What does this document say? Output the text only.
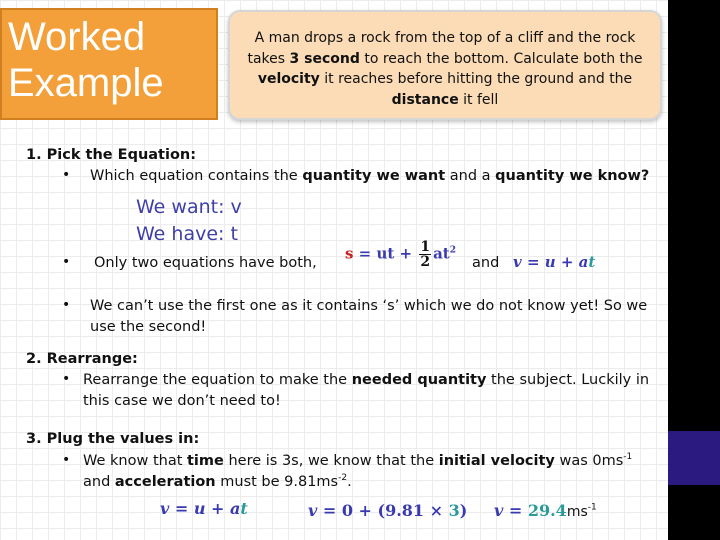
Worked
Example
A man drops a rock from the top of a cliff and the rock takes 3 second to reach the bottom. Calculate both the velocity it reaches before hitting the ground and the distance it fell
1. Pick the Equation:
• Which equation contains the quantity we want and a quantity we know?
We want: v
We have: t
• Only two equations have both,
s = ut + $\frac{1}{2} at^2$
and v = u + at
• We can’t use the first one as it contains ‘s’ which we do not know yet! So we use the second!
2. Rearrange:
• Rearrange the equation to make the needed quantity the subject. Luckily in this case we don’t need to!
3. Plug the values in:
• We know that time here is 3s, we know that the initial velocity was $0ms^{-1}$ and acceleration must be $9.81ms^{-2}$.
v = u + at	v = 0 + (9.81 × 3) $v = 29.4ms^{-1}$
